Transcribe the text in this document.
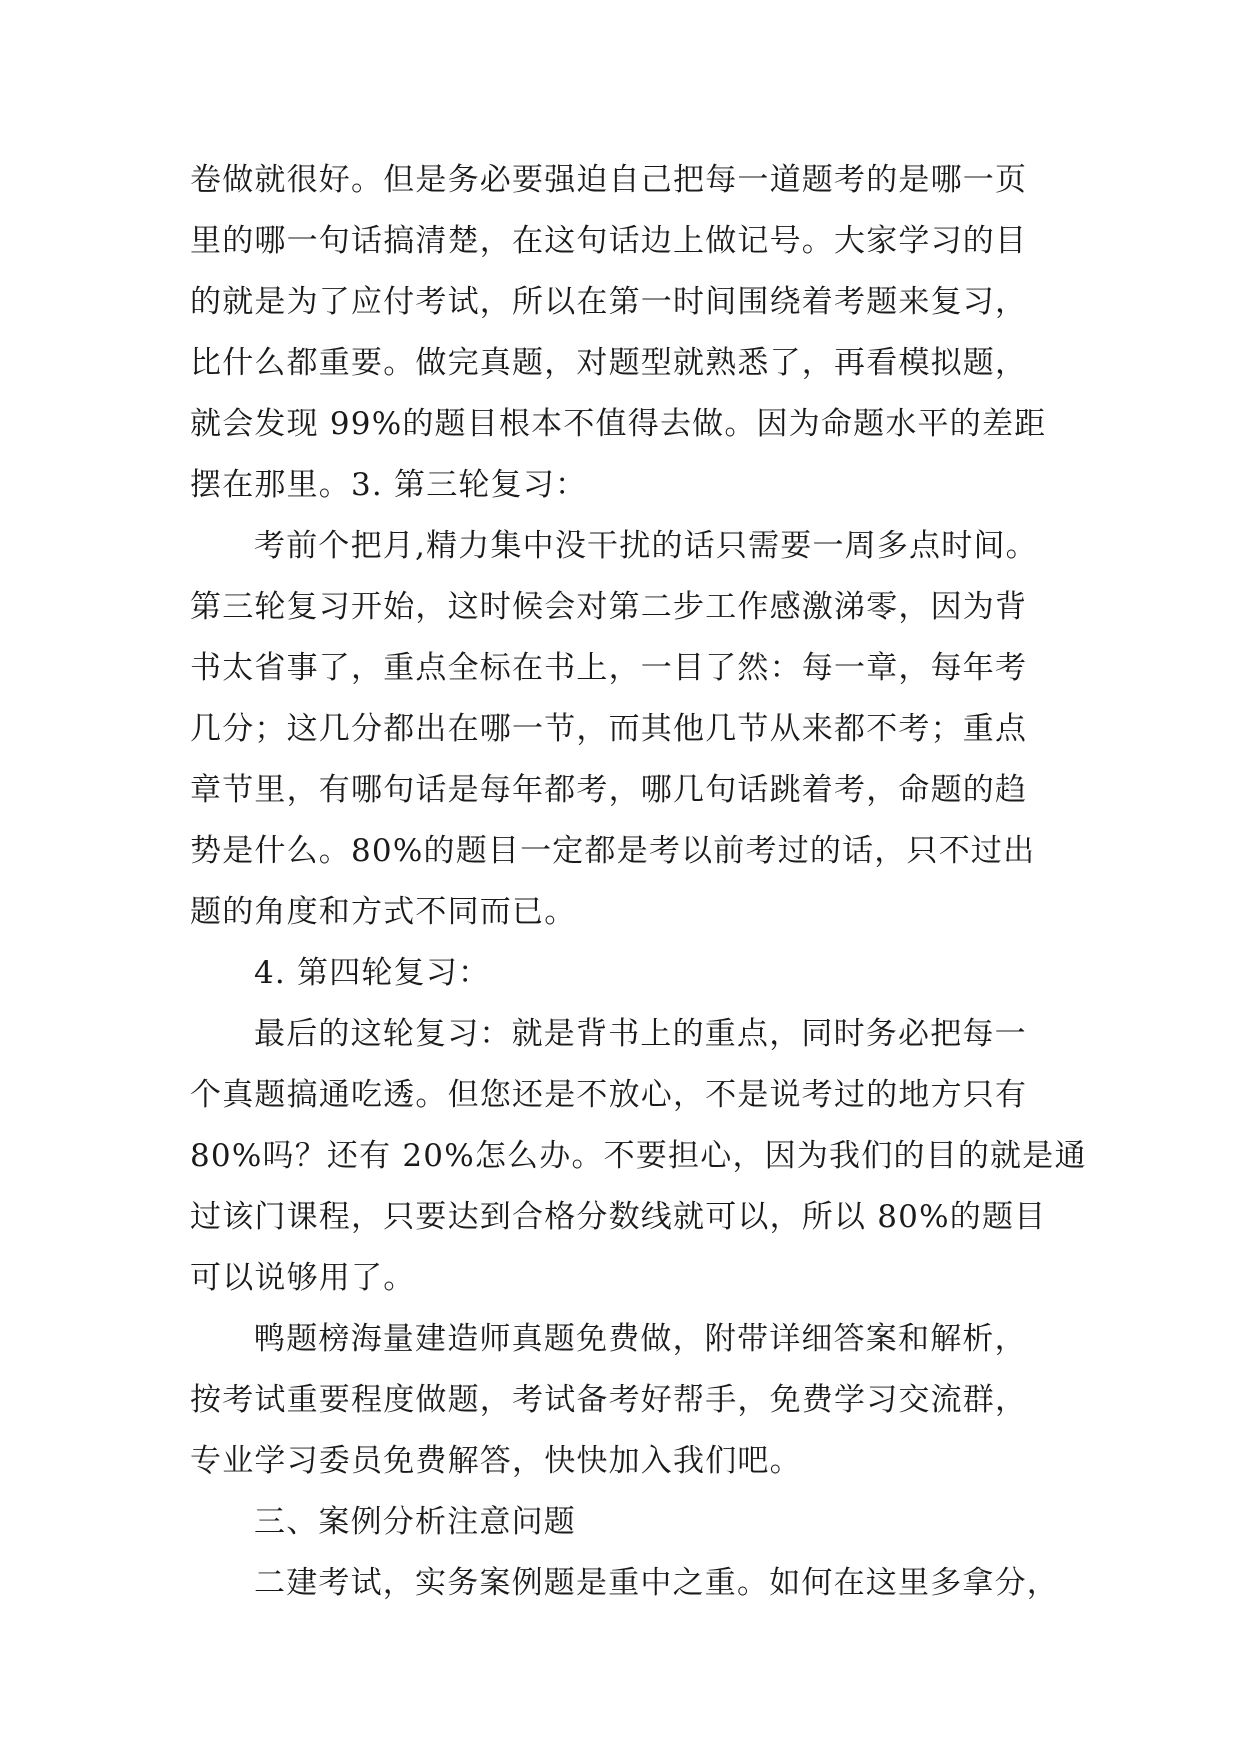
卷做就很好。但是务必要强迫自己把每一道题考的是哪一页
里的哪一句话搞清楚，在这句话边上做记号。大家学习的目
的就是为了应付考试，所以在第一时间围绕着考题来复习，
比什么都重要。做完真题，对题型就熟悉了，再看模拟题，
就会发现 99%的题目根本不值得去做。因为命题水平的差距
摆在那里。3. 第三轮复习：
考前个把月,精力集中没干扰的话只需要一周多点时间。
第三轮复习开始，这时候会对第二步工作感激涕零，因为背
书太省事了，重点全标在书上，一目了然：每一章，每年考
几分；这几分都出在哪一节，而其他几节从来都不考；重点
章节里，有哪句话是每年都考，哪几句话跳着考，命题的趋
势是什么。80%的题目一定都是考以前考过的话，只不过出
题的角度和方式不同而已。
4. 第四轮复习：
最后的这轮复习：就是背书上的重点，同时务必把每一
个真题搞通吃透。但您还是不放心，不是说考过的地方只有
80%吗？还有 20%怎么办。不要担心，因为我们的目的就是通
过该门课程，只要达到合格分数线就可以，所以 80%的题目
可以说够用了。
鸭题榜海量建造师真题免费做，附带详细答案和解析，
按考试重要程度做题，考试备考好帮手，免费学习交流群，
专业学习委员免费解答，快快加入我们吧。
三、案例分析注意问题
二建考试，实务案例题是重中之重。如何在这里多拿分，
